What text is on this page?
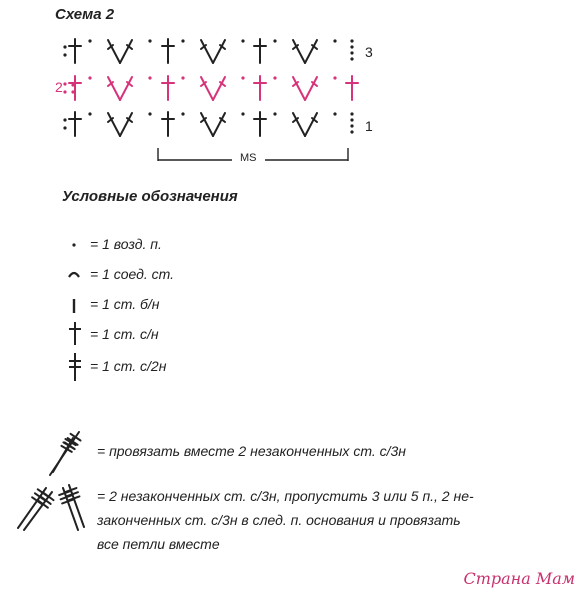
Схема 2
3
2
1
MS
Условные обозначения
= 1 возд. п.
= 1 соед. ст.
= 1 ст. б/н
= 1 ст. с/н
= 1 ст. с/2н
= провязать вместе 2 незаконченных ст. с/3н
= 2 незаконченных ст. с/3н, пропустить 3 или 5 п., 2 не-
законченных ст. с/3н в след. п. основания и провязать
все петли вместе
Страна Мам
